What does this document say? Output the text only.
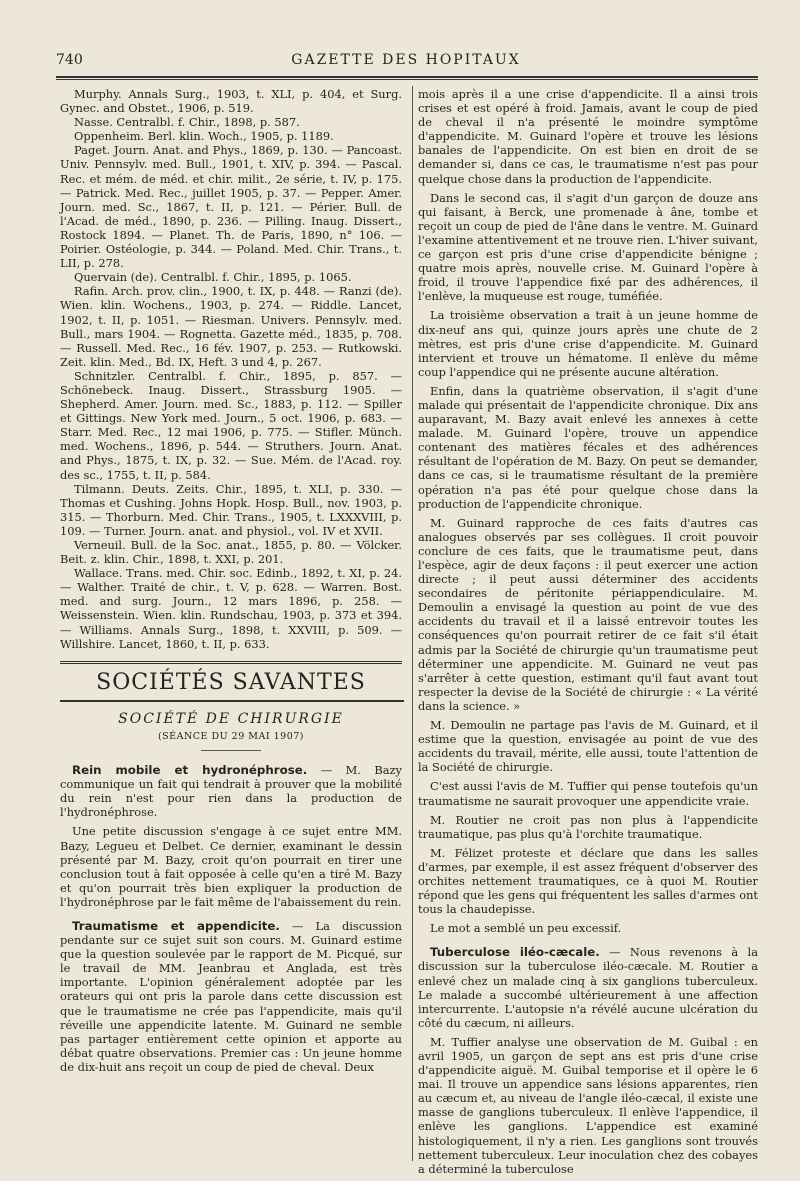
740	GAZETTE DES HOPITAUX

Murphy. Annals Surg., 1903, t. XLI, p. 404, et Surg. Gynec. and Obstet., 1906, p. 519.

Nasse. Centralbl. f. Chir., 1898, p. 587.

Oppenheim. Berl. klin. Woch., 1905, p. 1189.

Paget. Journ. Anat. and Phys., 1869, p. 130. — Pancoast. Univ. Pennsylv. med. Bull., 1901, t. XIV, p. 394. — Pascal. Rec. et mém. de méd. et chir. milit., 2e série, t. IV, p. 175. — Patrick. Med. Rec., juillet 1905, p. 37. — Pepper. Amer. Journ. med. Sc., 1867, t. II, p. 121. — Périer. Bull. de l'Acad. de méd., 1890, p. 236. — Pilling. Inaug. Dissert., Rostock 1894. — Planet. Th. de Paris, 1890, n° 106. — Poirier. Ostéologie, p. 344. — Poland. Med. Chir. Trans., t. LII, p. 278.

Quervain (de). Centralbl. f. Chir., 1895, p. 1065.

Rafin. Arch. prov. clin., 1900, t. IX, p. 448. — Ranzi (de). Wien. klin. Wochens., 1903, p. 274. — Riddle. Lancet, 1902, t. II, p. 1051. — Riesman. Univers. Pennsylv. med. Bull., mars 1904. — Rognetta. Gazette méd., 1835, p. 708. — Russell. Med. Rec., 16 fév. 1907, p. 253. — Rutkowski. Zeit. klin. Med., Bd. IX, Heft. 3 und 4, p. 267.

Schnitzler. Centralbl. f. Chir., 1895, p. 857. — Schönebeck. Inaug. Dissert., Strassburg 1905. — Shepherd. Amer. Journ. med. Sc., 1883, p. 112. — Spiller et Gittings. New York med. Journ., 5 oct. 1906, p. 683. — Starr. Med. Rec., 12 mai 1906, p. 775. — Stifler. Münch. med. Wochens., 1896, p. 544. — Struthers. Journ. Anat. and Phys., 1875, t. IX, p. 32. — Sue. Mém. de l'Acad. roy. des sc., 1755, t. II, p. 584.

Tilmann. Deuts. Zeits. Chir., 1895, t. XLI, p. 330. — Thomas et Cushing. Johns Hopk. Hosp. Bull., nov. 1903, p. 315. — Thorburn. Med. Chir. Trans., 1905, t. LXXXVIII, p. 109. — Turner. Journ. anat. and physiol., vol. IV et XVII.

Verneuil. Bull. de la Soc. anat., 1855, p. 80. — Völcker. Beit. z. klin. Chir., 1898, t. XXI, p. 201.

Wallace. Trans. med. Chir. soc. Edinb., 1892, t. XI, p. 24. — Walther. Traité de chir., t. V, p. 628. — Warren. Bost. med. and surg. Journ., 12 mars 1896, p. 258. — Weissenstein. Wien. klin. Rundschau, 1903, p. 373 et 394. — Williams. Annals Surg., 1898, t. XXVIII, p. 509. — Willshire. Lancet, 1860, t. II, p. 633.

SOCIÉTÉS SAVANTES
SOCIÉTÉ DE CHIRURGIE
(SÉANCE DU 29 MAI 1907)

Rein mobile et hydronéphrose. — M. Bazy communique un fait qui tendrait à prouver que la mobilité du rein n'est pour rien dans la production de l'hydronéphrose.

Une petite discussion s'engage à ce sujet entre MM. Bazy, Legueu et Delbet. Ce dernier, examinant le dessin présenté par M. Bazy, croit qu'on pourrait en tirer une conclusion tout à fait opposée à celle qu'en a tiré M. Bazy et qu'on pourrait très bien expliquer la production de l'hydronéphrose par le fait même de l'abaissement du rein.

Traumatisme et appendicite. — La discussion pendante sur ce sujet suit son cours. M. Guinard estime que la question soulevée par le rapport de M. Picqué, sur le travail de MM. Jeanbrau et Anglada, est très importante. L'opinion généralement adoptée par les orateurs qui ont pris la parole dans cette discussion est que le traumatisme ne crée pas l'appendicite, mais qu'il réveille une appendicite latente. M. Guinard ne semble pas partager entièrement cette opinion et apporte au débat quatre observations. Premier cas : Un jeune homme de dix-huit ans reçoit un coup de pied de cheval. Deux

mois après il a une crise d'appendicite. Il a ainsi trois crises et est opéré à froid. Jamais, avant le coup de pied de cheval il n'a présenté le moindre symptôme d'appendicite. M. Guinard l'opère et trouve les lésions banales de l'appendicite. On est bien en droit de se demander si, dans ce cas, le traumatisme n'est pas pour quelque chose dans la production de l'appendicite.

Dans le second cas, il s'agit d'un garçon de douze ans qui faisant, à Berck, une promenade à âne, tombe et reçoit un coup de pied de l'âne dans le ventre. M. Guinard l'examine attentivement et ne trouve rien. L'hiver suivant, ce garçon est pris d'une crise d'appendicite bénigne ; quatre mois après, nouvelle crise. M. Guinard l'opère à froid, il trouve l'appendice fixé par des adhérences, il l'enlève, la muqueuse est rouge, tuméfiée.

La troisième observation a trait à un jeune homme de dix-neuf ans qui, quinze jours après une chute de 2 mètres, est pris d'une crise d'appendicite. M. Guinard intervient et trouve un hématome. Il enlève du même coup l'appendice qui ne présente aucune altération.

Enfin, dans la quatrième observation, il s'agit d'une malade qui présentait de l'appendicite chronique. Dix ans auparavant, M. Bazy avait enlevé les annexes à cette malade. M. Guinard l'opère, trouve un appendice contenant des matières fécales et des adhérences résultant de l'opération de M. Bazy. On peut se demander, dans ce cas, si le traumatisme résultant de la première opération n'a pas été pour quelque chose dans la production de l'appendicite chronique.

M. Guinard rapproche de ces faits d'autres cas analogues observés par ses collègues. Il croit pouvoir conclure de ces faits, que le traumatisme peut, dans l'espèce, agir de deux façons : il peut exercer une action directe ; il peut aussi déterminer des accidents secondaires de péritonite périappendiculaire. M. Demoulin a envisagé la question au point de vue des accidents du travail et il a laissé entrevoir toutes les conséquences qu'on pourrait retirer de ce fait s'il était admis par la Société de chirurgie qu'un traumatisme peut déterminer une appendicite. M. Guinard ne veut pas s'arrêter à cette question, estimant qu'il faut avant tout respecter la devise de la Société de chirurgie : « La vérité dans la science. »

M. Demoulin ne partage pas l'avis de M. Guinard, et il estime que la question, envisagée au point de vue des accidents du travail, mérite, elle aussi, toute l'attention de la Société de chirurgie.

C'est aussi l'avis de M. Tuffier qui pense toutefois qu'un traumatisme ne saurait provoquer une appendicite vraie.

M. Routier ne croit pas non plus à l'appendicite traumatique, pas plus qu'à l'orchite traumatique.

M. Félizet proteste et déclare que dans les salles d'armes, par exemple, il est assez fréquent d'observer des orchites nettement traumatiques, ce à quoi M. Routier répond que les gens qui fréquentent les salles d'armes ont tous la chaudepisse.

Le mot a semblé un peu excessif.

Tuberculose iléo-cæcale. — Nous revenons à la discussion sur la tuberculose iléo-cæcale. M. Routier a enlevé chez un malade cinq à six ganglions tuberculeux. Le malade a succombé ultérieurement à une affection intercurrente. L'autopsie n'a révélé aucune ulcération du côté du cæcum, ni ailleurs.

M. Tuffier analyse une observation de M. Guibal : en avril 1905, un garçon de sept ans est pris d'une crise d'appendicite aiguë. M. Guibal temporise et il opère le 6 mai. Il trouve un appendice sans lésions apparentes, rien au cæcum et, au niveau de l'angle iléo-cæcal, il existe une masse de ganglions tuberculeux. Il enlève l'appendice, il enlève les ganglions. L'appendice est examiné histologiquement, il n'y a rien. Les ganglions sont trouvés nettement tuberculeux. Leur inoculation chez des cobayes a déterminé la tuberculose
